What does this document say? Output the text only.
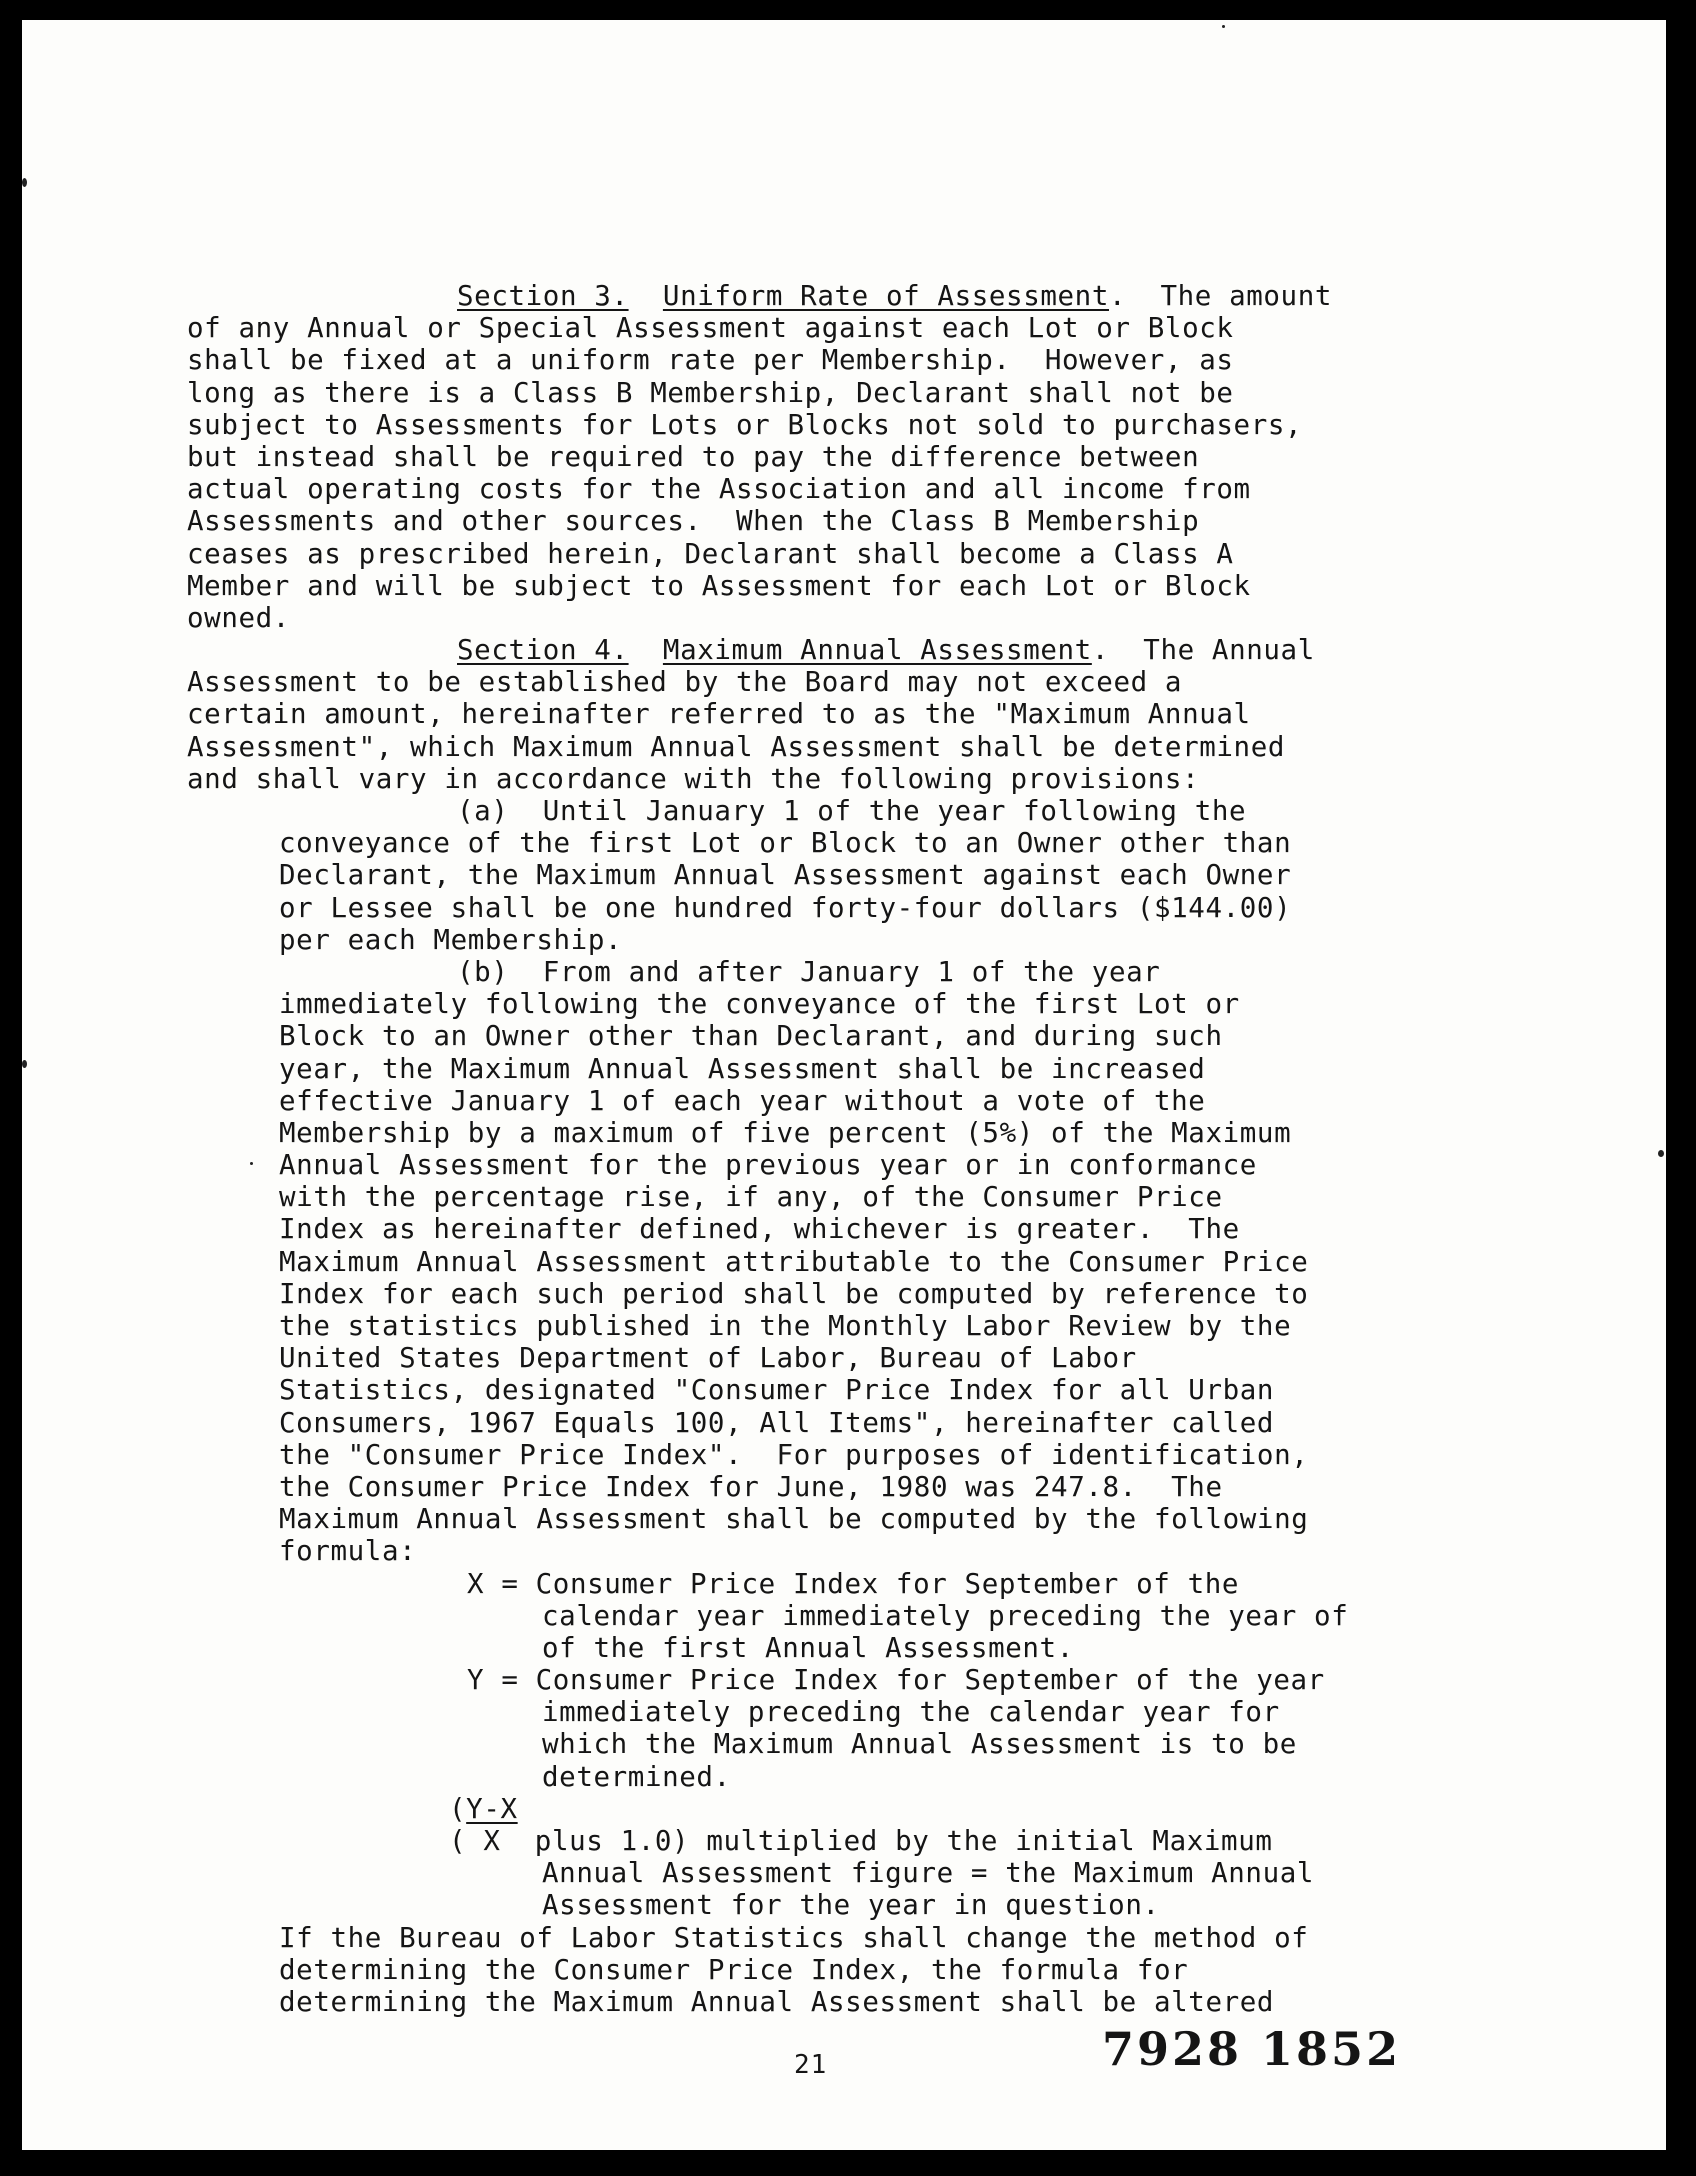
Section 3. Uniform Rate of Assessment.  The amount
of any Annual or Special Assessment against each Lot or Block
shall be fixed at a uniform rate per Membership.  However, as
long as there is a Class B Membership, Declarant shall not be
subject to Assessments for Lots or Blocks not sold to purchasers,
but instead shall be required to pay the difference between
actual operating costs for the Association and all income from
Assessments and other sources.  When the Class B Membership
ceases as prescribed herein, Declarant shall become a Class A
Member and will be subject to Assessment for each Lot or Block
owned.
Section 4. Maximum Annual Assessment.  The Annual
Assessment to be established by the Board may not exceed a
certain amount, hereinafter referred to as the "Maximum Annual
Assessment", which Maximum Annual Assessment shall be determined
and shall vary in accordance with the following provisions:
(a)  Until January 1 of the year following the
conveyance of the first Lot or Block to an Owner other than
Declarant, the Maximum Annual Assessment against each Owner
or Lessee shall be one hundred forty-four dollars ($144.00)
per each Membership.
(b)  From and after January 1 of the year
immediately following the conveyance of the first Lot or
Block to an Owner other than Declarant, and during such
year, the Maximum Annual Assessment shall be increased
effective January 1 of each year without a vote of the
Membership by a maximum of five percent (5%) of the Maximum
Annual Assessment for the previous year or in conformance
with the percentage rise, if any, of the Consumer Price
Index as hereinafter defined, whichever is greater.  The
Maximum Annual Assessment attributable to the Consumer Price
Index for each such period shall be computed by reference to
the statistics published in the Monthly Labor Review by the
United States Department of Labor, Bureau of Labor
Statistics, designated "Consumer Price Index for all Urban
Consumers, 1967 Equals 100, All Items", hereinafter called
the "Consumer Price Index".  For purposes of identification,
the Consumer Price Index for June, 1980 was 247.8.  The
Maximum Annual Assessment shall be computed by the following
formula:
X = Consumer Price Index for September of the
calendar year immediately preceding the year of
of the first Annual Assessment.
Y = Consumer Price Index for September of the year
immediately preceding the calendar year for
which the Maximum Annual Assessment is to be
determined.
(Y-X
( X  plus 1.0) multiplied by the initial Maximum
Annual Assessment figure = the Maximum Annual
Assessment for the year in question.
If the Bureau of Labor Statistics shall change the method of
determining the Consumer Price Index, the formula for
determining the Maximum Annual Assessment shall be altered
21	7928 1852
